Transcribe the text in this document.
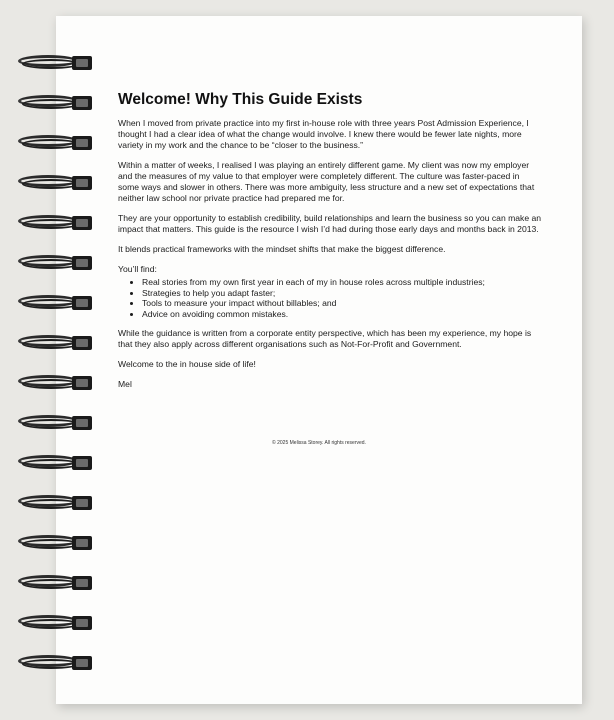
Welcome! Why This Guide Exists

When I moved from private practice into my first in-house role with three years Post Admission Experience, I thought I had a clear idea of what the change would involve. I knew there would be fewer late nights, more variety in my work and the chance to be “closer to the business.”

Within a matter of weeks, I realised I was playing an entirely different game. My client was now my employer and the measures of my value to that employer were completely different. The culture was faster-paced in some ways and slower in others. There was more ambiguity, less structure and a new set of expectations that neither law school nor private practice had prepared me for.

They are your opportunity to establish credibility, build relationships and learn the business so you can make an impact that matters. This guide is the resource I wish I’d had during those early days and months back in 2013.

It blends practical frameworks with the mindset shifts that make the biggest difference.

You’ll find:

• Real stories from my own first year in each of my in house roles across multiple industries;
• Strategies to help you adapt faster;
• Tools to measure your impact without billables; and
• Advice on avoiding common mistakes.

While the guidance is written from a corporate entity perspective, which has been my experience, my hope is that they also apply across different organisations such as Not-For-Profit and Government.

Welcome to the in house side of life!

Mel

© 2025 Melissa Storey. All rights reserved.
